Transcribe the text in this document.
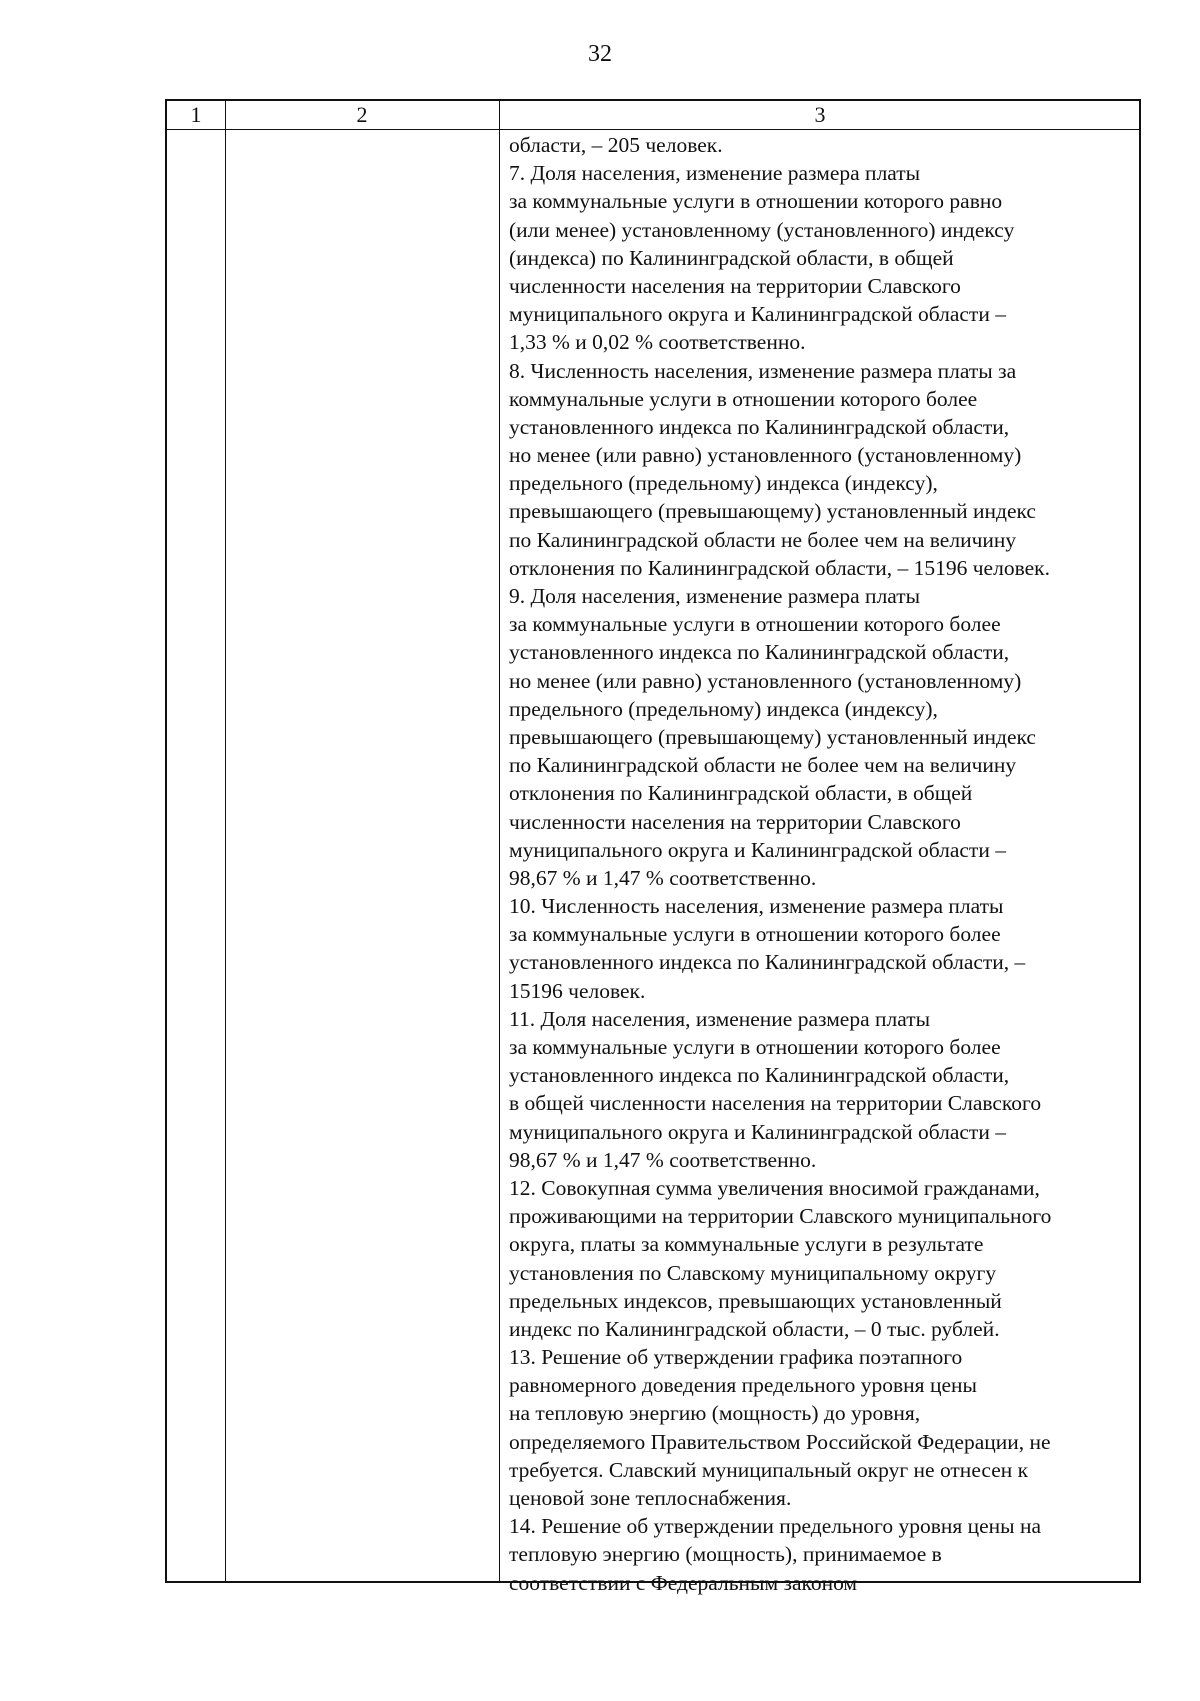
32
1	2	3
области, – 205 человек.
7. Доля населения, изменение размера платы
за коммунальные услуги в отношении которого равно
(или менее) установленному (установленного) индексу
(индекса) по Калининградской области, в общей
численности населения на территории Славского
муниципального округа и Калининградской области –
1,33 % и 0,02 % соответственно.
8. Численность населения, изменение размера платы за
коммунальные услуги в отношении которого более
установленного индекса по Калининградской области,
но менее (или равно) установленного (установленному)
предельного (предельному) индекса (индексу),
превышающего (превышающему) установленный индекс
по Калининградской области не более чем на величину
отклонения по Калининградской области, – 15196 человек.
9. Доля населения, изменение размера платы
за коммунальные услуги в отношении которого более
установленного индекса по Калининградской области,
но менее (или равно) установленного (установленному)
предельного (предельному) индекса (индексу),
превышающего (превышающему) установленный индекс
по Калининградской области не более чем на величину
отклонения по Калининградской области, в общей
численности населения на территории Славского
муниципального округа и Калининградской области –
98,67 % и 1,47 % соответственно.
10. Численность населения, изменение размера платы
за коммунальные услуги в отношении которого более
установленного индекса по Калининградской области, –
15196 человек.
11. Доля населения, изменение размера платы
за коммунальные услуги в отношении которого более
установленного индекса по Калининградской области,
в общей численности населения на территории Славского
муниципального округа и Калининградской области –
98,67 % и 1,47 % соответственно.
12. Совокупная сумма увеличения вносимой гражданами,
проживающими на территории Славского муниципального
округа, платы за коммунальные услуги в результате
установления по Славскому муниципальному округу
предельных индексов, превышающих установленный
индекс по Калининградской области, – 0 тыс. рублей.
13. Решение об утверждении графика поэтапного
равномерного доведения предельного уровня цены
на тепловую энергию (мощность) до уровня,
определяемого Правительством Российской Федерации, не
требуется. Славский муниципальный округ не отнесен к
ценовой зоне теплоснабжения.
14. Решение об утверждении предельного уровня цены на
тепловую энергию (мощность), принимаемое в
соответствии с Федеральным законом
